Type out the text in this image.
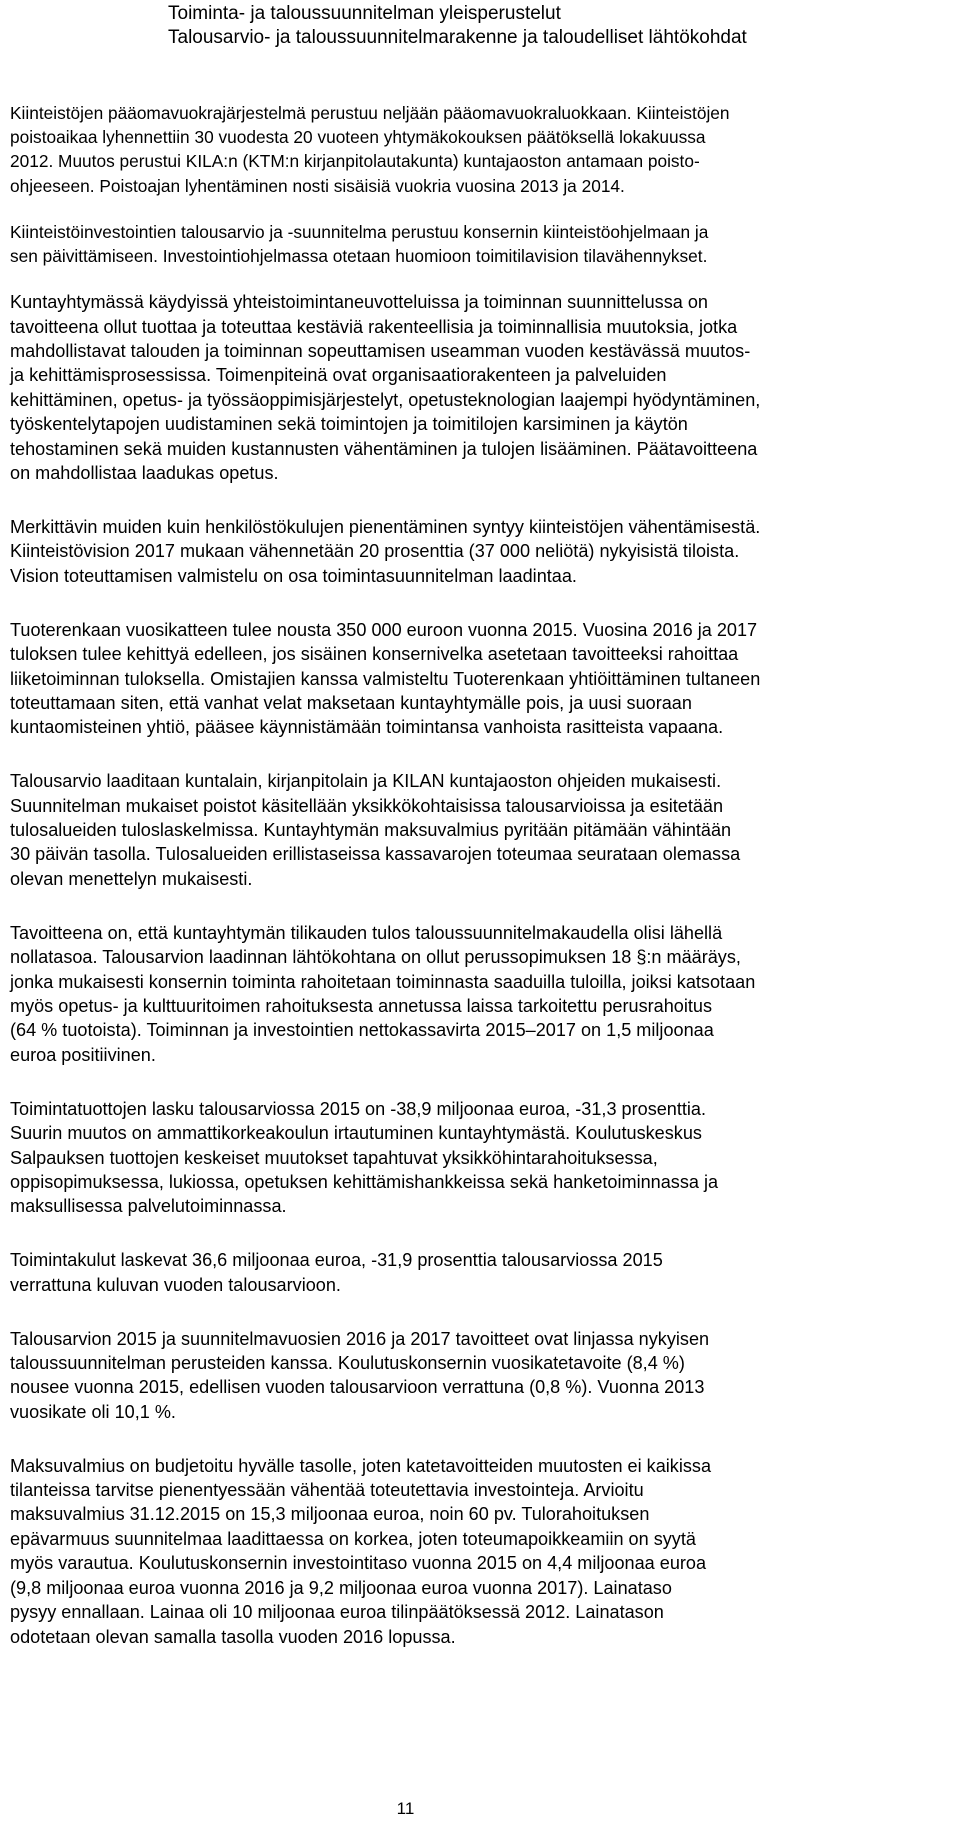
Toiminta- ja taloussuunnitelman yleisperustelut
Talousarvio- ja taloussuunnitelmarakenne ja taloudelliset lähtökohdat

Kiinteistöjen pääomavuokrajärjestelmä perustuu neljään pääomavuokraluokkaan. Kiinteistöjen
poistoaikaa lyhennettiin 30 vuodesta 20 vuoteen yhtymäkokouksen päätöksellä lokakuussa
2012. Muutos perustui KILA:n (KTM:n kirjanpitolautakunta) kuntajaoston antamaan poisto-
ohjeeseen. Poistoajan lyhentäminen nosti sisäisiä vuokria vuosina 2013 ja 2014.

Kiinteistöinvestointien talousarvio ja -suunnitelma perustuu konsernin kiinteistöohjelmaan ja
sen päivittämiseen. Investointiohjelmassa otetaan huomioon toimitilavision tilavähennykset.

Kuntayhtymässä käydyissä yhteistoimintaneuvotteluissa ja toiminnan suunnittelussa on
tavoitteena ollut tuottaa ja toteuttaa kestäviä rakenteellisia ja toiminnallisia muutoksia, jotka
mahdollistavat talouden ja toiminnan sopeuttamisen useamman vuoden kestävässä muutos-
ja kehittämisprosessissa. Toimenpiteinä ovat organisaatiorakenteen ja palveluiden
kehittäminen, opetus- ja työssäoppimisjärjestelyt, opetusteknologian laajempi hyödyntäminen,
työskentelytapojen uudistaminen sekä toimintojen ja toimitilojen karsiminen ja käytön
tehostaminen sekä muiden kustannusten vähentäminen ja tulojen lisääminen. Päätavoitteena
on mahdollistaa laadukas opetus.

Merkittävin muiden kuin henkilöstökulujen pienentäminen syntyy kiinteistöjen vähentämisestä.
Kiinteistövision 2017 mukaan vähennetään 20 prosenttia (37 000 neliötä) nykyisistä tiloista.
Vision toteuttamisen valmistelu on osa toimintasuunnitelman laadintaa.

Tuoterenkaan vuosikatteen tulee nousta 350 000 euroon vuonna 2015. Vuosina 2016 ja 2017
tuloksen tulee kehittyä edelleen, jos sisäinen konsernivelka asetetaan tavoitteeksi rahoittaa
liiketoiminnan tuloksella. Omistajien kanssa valmisteltu Tuoterenkaan yhtiöittäminen tultaneen
toteuttamaan siten, että vanhat velat maksetaan kuntayhtymälle pois, ja uusi suoraan
kuntaomisteinen yhtiö, pääsee käynnistämään toimintansa vanhoista rasitteista vapaana.

Talousarvio laaditaan kuntalain, kirjanpitolain ja KILAN kuntajaoston ohjeiden mukaisesti.
Suunnitelman mukaiset poistot käsitellään yksikkökohtaisissa talousarvioissa ja esitetään
tulosalueiden tuloslaskelmissa. Kuntayhtymän maksuvalmius pyritään pitämään vähintään
30 päivän tasolla. Tulosalueiden erillistaseissa kassavarojen toteumaa seurataan olemassa
olevan menettelyn mukaisesti.

Tavoitteena on, että kuntayhtymän tilikauden tulos taloussuunnitelmakaudella olisi lähellä
nollatasoa. Talousarvion laadinnan lähtökohtana on ollut perussopimuksen 18 §:n määräys,
jonka mukaisesti konsernin toiminta rahoitetaan toiminnasta saaduilla tuloilla, joiksi katsotaan
myös opetus- ja kulttuuritoimen rahoituksesta annetussa laissa tarkoitettu perusrahoitus
(64 % tuotoista). Toiminnan ja investointien nettokassavirta 2015–2017 on 1,5 miljoonaa
euroa positiivinen.

Toimintatuottojen lasku talousarviossa 2015 on -38,9 miljoonaa euroa, -31,3 prosenttia.
Suurin muutos on ammattikorkeakoulun irtautuminen kuntayhtymästä. Koulutuskeskus
Salpauksen tuottojen keskeiset muutokset tapahtuvat yksikköhintarahoituksessa,
oppisopimuksessa, lukiossa, opetuksen kehittämishankkeissa sekä hanketoiminnassa ja
maksullisessa palvelutoiminnassa.

Toimintakulut laskevat 36,6 miljoonaa euroa, -31,9 prosenttia talousarviossa 2015
verrattuna kuluvan vuoden talousarvioon.

Talousarvion 2015 ja suunnitelmavuosien 2016 ja 2017 tavoitteet ovat linjassa nykyisen
taloussuunnitelman perusteiden kanssa. Koulutuskonsernin vuosikatetavoite (8,4 %)
nousee vuonna 2015, edellisen vuoden talousarvioon verrattuna (0,8 %). Vuonna 2013
vuosikate oli 10,1 %.

Maksuvalmius on budjetoitu hyvälle tasolle, joten katetavoitteiden muutosten ei kaikissa
tilanteissa tarvitse pienentyessään vähentää toteutettavia investointeja. Arvioitu
maksuvalmius 31.12.2015 on 15,3 miljoonaa euroa, noin 60 pv. Tulorahoituksen
epävarmuus suunnitelmaa laadittaessa on korkea, joten toteumapoikkeamiin on syytä
myös varautua. Koulutuskonsernin investointitaso vuonna 2015 on 4,4 miljoonaa euroa
(9,8 miljoonaa euroa vuonna 2016 ja 9,2 miljoonaa euroa vuonna 2017). Lainataso
pysyy ennallaan. Lainaa oli 10 miljoonaa euroa tilinpäätöksessä 2012. Lainatason
odotetaan olevan samalla tasolla vuoden 2016 lopussa.

11
